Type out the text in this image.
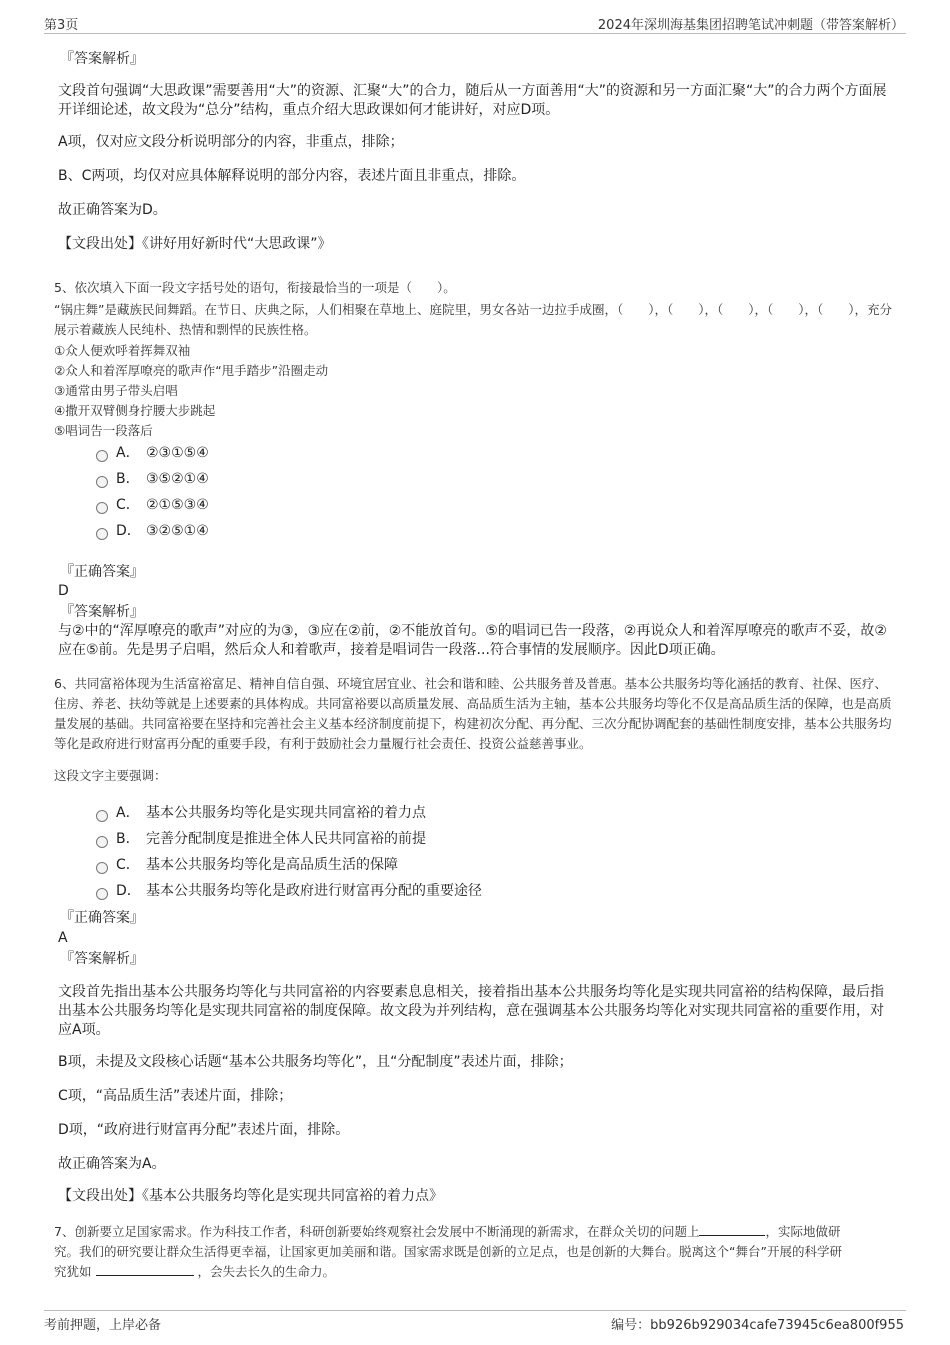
第3页	2024年深圳海基集团招聘笔试冲刺题（带答案解析）
『答案解析』
文段首句强调“大思政课”需要善用“大”的资源、汇聚“大”的合力，随后从一方面善用“大”的资源和另一方面汇聚“大”的合力两个方面展开详细论述，故文段为“总分”结构，重点介绍大思政课如何才能讲好，对应D项。
A项，仅对应文段分析说明部分的内容，非重点，排除；
B、C两项，均仅对应具体解释说明的部分内容，表述片面且非重点，排除。
故正确答案为D。
【文段出处】《讲好用好新时代“大思政课”》
5、依次填入下面一段文字括号处的语句，衔接最恰当的一项是（　　）。
“锅庄舞”是藏族民间舞蹈。在节日、庆典之际，人们相聚在草地上、庭院里，男女各站一边拉手成圈，（　　），（　　），（　　），（　　），（　　），充分展示着藏族人民纯朴、热情和剽悍的民族性格。
①众人便欢呼着挥舞双袖
②众人和着浑厚嘹亮的歌声作“甩手踏步”沿圈走动
③通常由男子带头启唱
④撒开双臂侧身拧腰大步跳起
⑤唱词告一段落后
A． ②③①⑤④
B． ③⑤②①④
C． ②①⑤③④
D． ③②⑤①④
『正确答案』
D
『答案解析』
与②中的“浑厚嘹亮的歌声”对应的为③，③应在②前，②不能放首句。⑤的唱词已告一段落，②再说众人和着浑厚嘹亮的歌声不妥，故②应在⑤前。先是男子启唱，然后众人和着歌声，接着是唱词告一段落...符合事情的发展顺序。因此D项正确。
6、共同富裕体现为生活富裕富足、精神自信自强、环境宜居宜业、社会和谐和睦、公共服务普及普惠。基本公共服务均等化涵括的教育、社保、医疗、住房、养老、扶幼等就是上述要素的具体构成。共同富裕要以高质量发展、高品质生活为主轴，基本公共服务均等化不仅是高品质生活的保障，也是高质量发展的基础。共同富裕要在坚持和完善社会主义基本经济制度前提下，构建初次分配、再分配、三次分配协调配套的基础性制度安排，基本公共服务均等化是政府进行财富再分配的重要手段，有利于鼓励社会力量履行社会责任、投资公益慈善事业。
这段文字主要强调：
A． 基本公共服务均等化是实现共同富裕的着力点
B． 完善分配制度是推进全体人民共同富裕的前提
C． 基本公共服务均等化是高品质生活的保障
D． 基本公共服务均等化是政府进行财富再分配的重要途径
『正确答案』
A
『答案解析』
文段首先指出基本公共服务均等化与共同富裕的内容要素息息相关，接着指出基本公共服务均等化是实现共同富裕的结构保障，最后指出基本公共服务均等化是实现共同富裕的制度保障。故文段为并列结构，意在强调基本公共服务均等化对实现共同富裕的重要作用，对应A项。
B项，未提及文段核心话题“基本公共服务均等化”，且“分配制度”表述片面，排除；
C项，“高品质生活”表述片面，排除；
D项，“政府进行财富再分配”表述片面，排除。
故正确答案为A。
【文段出处】《基本公共服务均等化是实现共同富裕的着力点》
7、创新要立足国家需求。作为科技工作者，科研创新要始终观察社会发展中不断涌现的新需求，在群众关切的问题上	，实际地做研
究。我们的研究要让群众生活得更幸福，让国家更加美丽和谐。国家需求既是创新的立足点，也是创新的大舞台。脱离这个“舞台”开展的科学研
究犹如	，会失去长久的生命力。
考前押题，上岸必备	编号：bb926b929034cafe73945c6ea800f955
